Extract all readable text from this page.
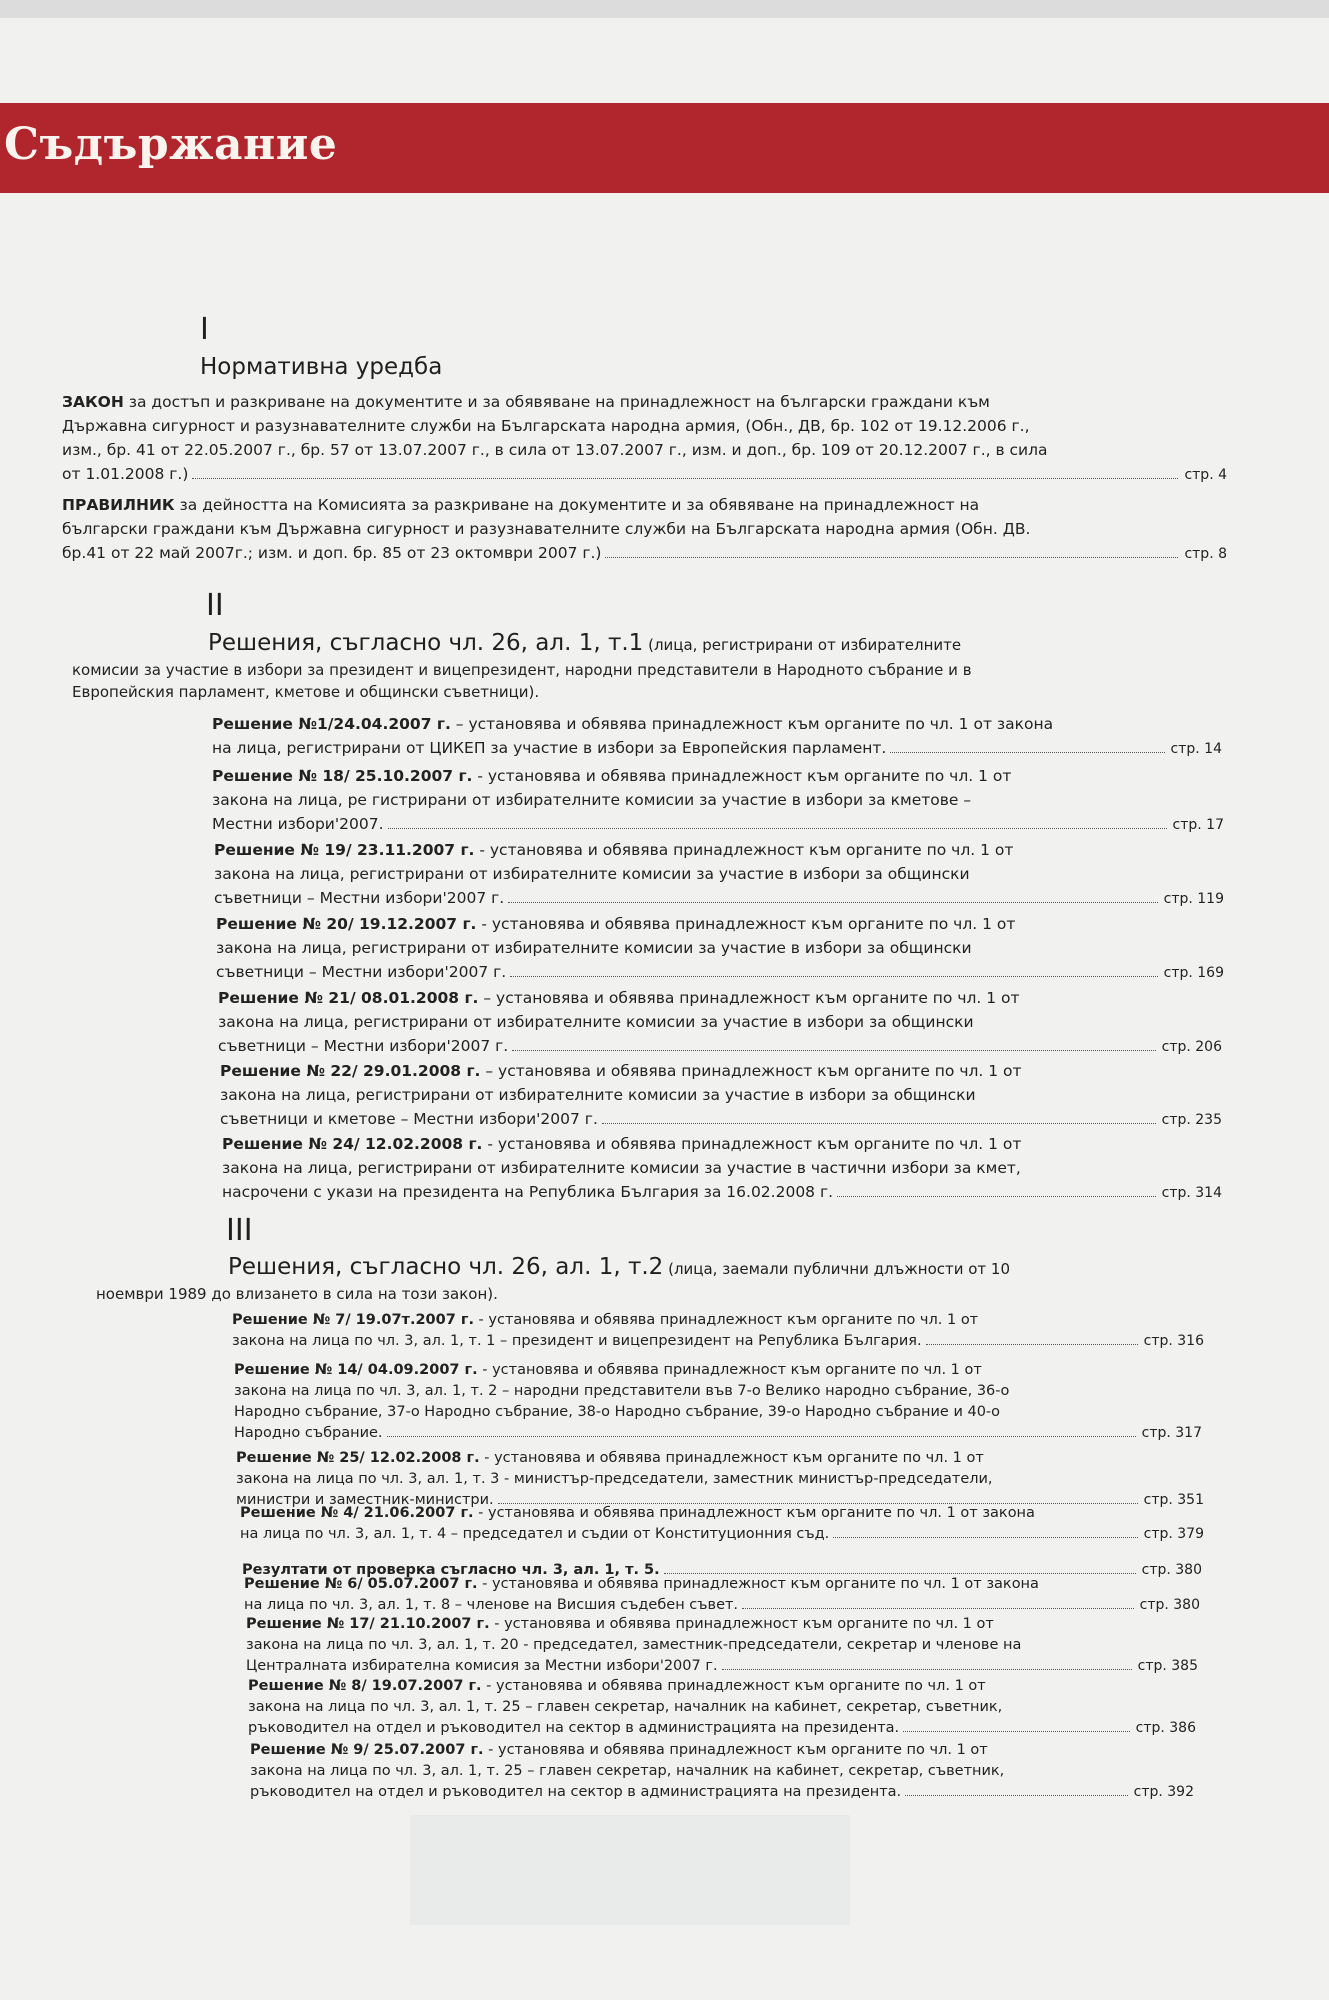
Съдържание
I
Нормативна уредба
ЗАКОН за достъп и разкриване на документите и за обявяване на принадлежност на български граждани към
Държавна сигурност и разузнавателните служби на Българската народна армия, (Обн., ДВ, бр. 102 от 19.12.2006 г.,
изм., бр. 41 от 22.05.2007 г., бр. 57 от 13.07.2007 г., в сила от 13.07.2007 г., изм. и доп., бр. 109 от 20.12.2007 г., в сила
от 1.01.2008 г.)	стр. 4
ПРАВИЛНИК за дейността на Комисията за разкриване на документите и за обявяване на принадлежност на
български граждани към Държавна сигурност и разузнавателните служби на Българската народна армия (Обн. ДВ.
бр.41 от 22 май 2007г.; изм. и доп. бр. 85 от 23 октомври 2007 г.)	стр. 8
II
Решения, съгласно чл. 26, ал. 1, т.1 (лица, регистрирани от избирателните
комисии за участие в избори за президент и вицепрезидент, народни представители в Народното събрание и в
Европейския парламент, кметове и общински съветници).
Решение №1/24.04.2007 г. – установява и обявява принадлежност към органите по чл. 1 от закона
на лица, регистрирани от ЦИКЕП за участие в избори за Европейския парламент.	стр. 14
Решение № 18/ 25.10.2007 г. - установява и обявява принадлежност към органите по чл. 1 от
закона на лица, ре гистрирани от избирателните комисии за участие в избори за кметове –
Местни избори'2007.	стр. 17
Решение № 19/ 23.11.2007 г. - установява и обявява принадлежност към органите по чл. 1 от
закона на лица, регистрирани от избирателните комисии за участие в избори за общински
съветници – Местни избори'2007 г.	стр. 119
Решение № 20/ 19.12.2007 г. - установява и обявява принадлежност към органите по чл. 1 от
закона на лица, регистрирани от избирателните комисии за участие в избори за общински
съветници – Местни избори'2007 г.	стр. 169
Решение № 21/ 08.01.2008 г. – установява и обявява принадлежност към органите по чл. 1 от
закона на лица, регистрирани от избирателните комисии за участие в избори за общински
съветници – Местни избори'2007 г.	стр. 206
Решение № 22/ 29.01.2008 г. – установява и обявява принадлежност към органите по чл. 1 от
закона на лица, регистрирани от избирателните комисии за участие в избори за общински
съветници и кметове – Местни избори'2007 г.	стр. 235
Решение № 24/ 12.02.2008 г. - установява и обявява принадлежност към органите по чл. 1 от
закона на лица, регистрирани от избирателните комисии за участие в частични избори за кмет,
насрочени с укази на президента на Република България за 16.02.2008 г.	стр. 314
III
Решения, съгласно чл. 26, ал. 1, т.2 (лица, заемали публични длъжности от 10
ноември 1989 до влизането в сила на този закон).
Решение № 7/ 19.07т.2007 г. - установява и обявява принадлежност към органите по чл. 1 от
закона на лица по чл. 3, ал. 1, т. 1 – президент и вицепрезидент на Република България.	стр. 316
Решение № 14/ 04.09.2007 г. - установява и обявява принадлежност към органите по чл. 1 от
закона на лица по чл. 3, ал. 1, т. 2 – народни представители във 7-о Велико народно събрание, 36-о
Народно събрание, 37-о Народно събрание, 38-о Народно събрание, 39-о Народно събрание и 40-о
Народно събрание.	стр. 317
Решение № 25/ 12.02.2008 г. - установява и обявява принадлежност към органите по чл. 1 от
закона на лица по чл. 3, ал. 1, т. 3 - министър-председатели, заместник министър-председатели,
министри и заместник-министри.	стр. 351
Решение № 4/ 21.06.2007 г. - установява и обявява принадлежност към органите по чл. 1 от закона
на лица по чл. 3, ал. 1, т. 4 – председател и съдии от Конституционния съд.	стр. 379
Резултати от проверка съгласно чл. 3, ал. 1, т. 5.	стр. 380
Решение № 6/ 05.07.2007 г. - установява и обявява принадлежност към органите по чл. 1 от закона
на лица по чл. 3, ал. 1, т. 8 – членове на Висшия съдебен съвет.	стр. 380
Решение № 17/ 21.10.2007 г. - установява и обявява принадлежност към органите по чл. 1 от
закона на лица по чл. 3, ал. 1, т. 20 - председател, заместник-председатели, секретар и членове на
Централната избирателна комисия за Местни избори'2007 г.	стр. 385
Решение № 8/ 19.07.2007 г. - установява и обявява принадлежност към органите по чл. 1 от
закона на лица по чл. 3, ал. 1, т. 25 – главен секретар, началник на кабинет, секретар, съветник,
ръководител на отдел и ръководител на сектор в администрацията на президента.	стр. 386
Решение № 9/ 25.07.2007 г. - установява и обявява принадлежност към органите по чл. 1 от
закона на лица по чл. 3, ал. 1, т. 25 – главен секретар, началник на кабинет, секретар, съветник,
ръководител на отдел и ръководител на сектор в администрацията на президента.	стр. 392
